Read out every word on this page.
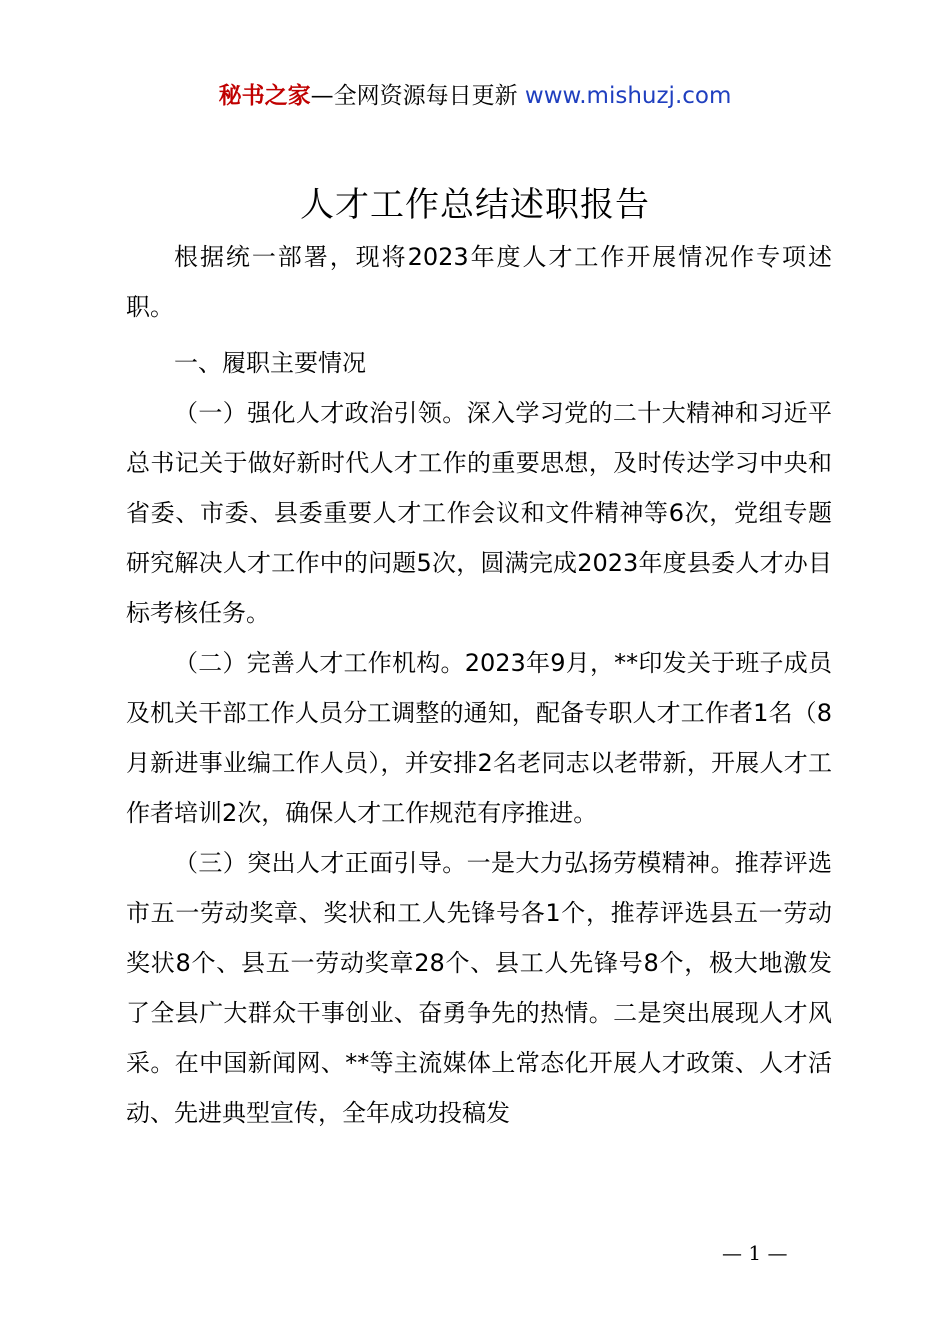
秘书之家—全网资源每日更新 www.mishuzj.com
人才工作总结述职报告

根据统一部署，现将2023年度人才工作开展情况作专项述职。

一、履职主要情况

（一）强化人才政治引领。深入学习党的二十大精神和习近平总书记关于做好新时代人才工作的重要思想，及时传达学习中央和省委、市委、县委重要人才工作会议和文件精神等6次，党组专题研究解决人才工作中的问题5次，圆满完成2023年度县委人才办目标考核任务。

（二）完善人才工作机构。2023年9月，**印发关于班子成员及机关干部工作人员分工调整的通知，配备专职人才工作者1名（8月新进事业编工作人员），并安排2名老同志以老带新，开展人才工作者培训2次，确保人才工作规范有序推进。

（三）突出人才正面引导。一是大力弘扬劳模精神。推荐评选市五一劳动奖章、奖状和工人先锋号各1个，推荐评选县五一劳动奖状8个、县五一劳动奖章28个、县工人先锋号8个，极大地激发了全县广大群众干事创业、奋勇争先的热情。二是突出展现人才风采。在中国新闻网、**等主流媒体上常态化开展人才政策、人才活动、先进典型宣传，全年成功投稿发

— 1 —
